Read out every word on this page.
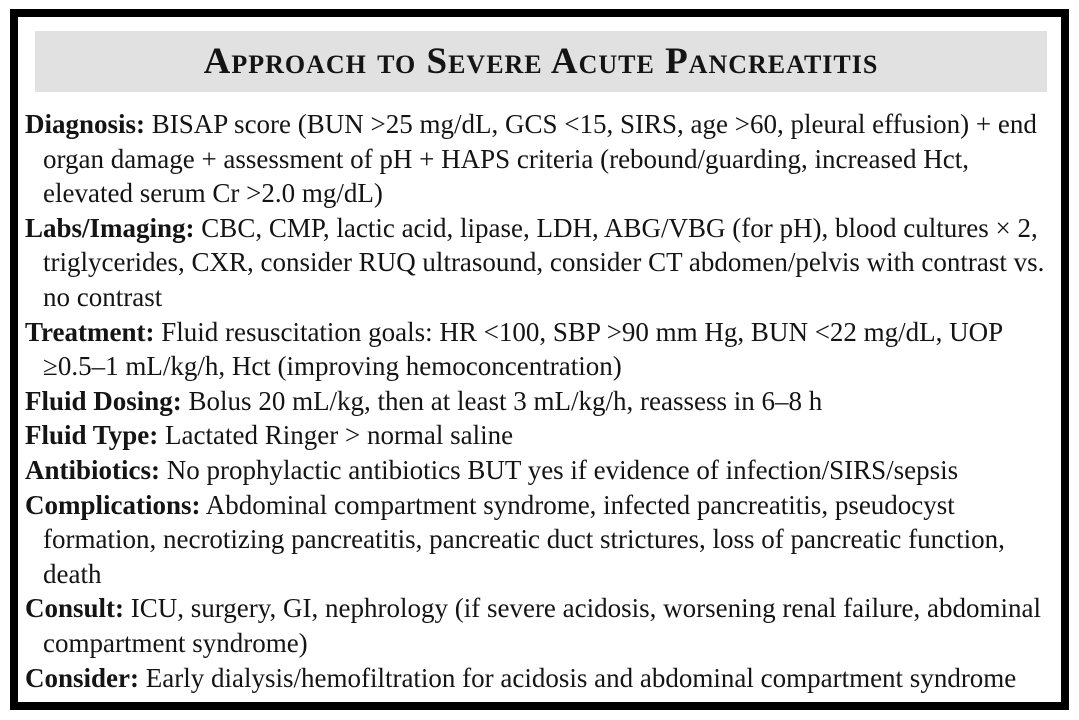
Approach to Severe Acute Pancreatitis

Diagnosis: BISAP score (BUN >25 mg/dL, GCS <15, SIRS, age >60, pleural effusion) + end organ damage + assessment of pH + HAPS criteria (rebound/guarding, increased Hct, elevated serum Cr >2.0 mg/dL)

Labs/Imaging: CBC, CMP, lactic acid, lipase, LDH, ABG/VBG (for pH), blood cultures × 2, triglycerides, CXR, consider RUQ ultrasound, consider CT abdomen/pelvis with contrast vs. no contrast

Treatment: Fluid resuscitation goals: HR <100, SBP >90 mm Hg, BUN <22 mg/dL, UOP ≥0.5–1 mL/kg/h, Hct (improving hemoconcentration)

Fluid Dosing: Bolus 20 mL/kg, then at least 3 mL/kg/h, reassess in 6–8 h

Fluid Type: Lactated Ringer > normal saline

Antibiotics: No prophylactic antibiotics BUT yes if evidence of infection/SIRS/sepsis

Complications: Abdominal compartment syndrome, infected pancreatitis, pseudocyst formation, necrotizing pancreatitis, pancreatic duct strictures, loss of pancreatic function, death

Consult: ICU, surgery, GI, nephrology (if severe acidosis, worsening renal failure, abdominal compartment syndrome)

Consider: Early dialysis/hemofiltration for acidosis and abdominal compartment syndrome
